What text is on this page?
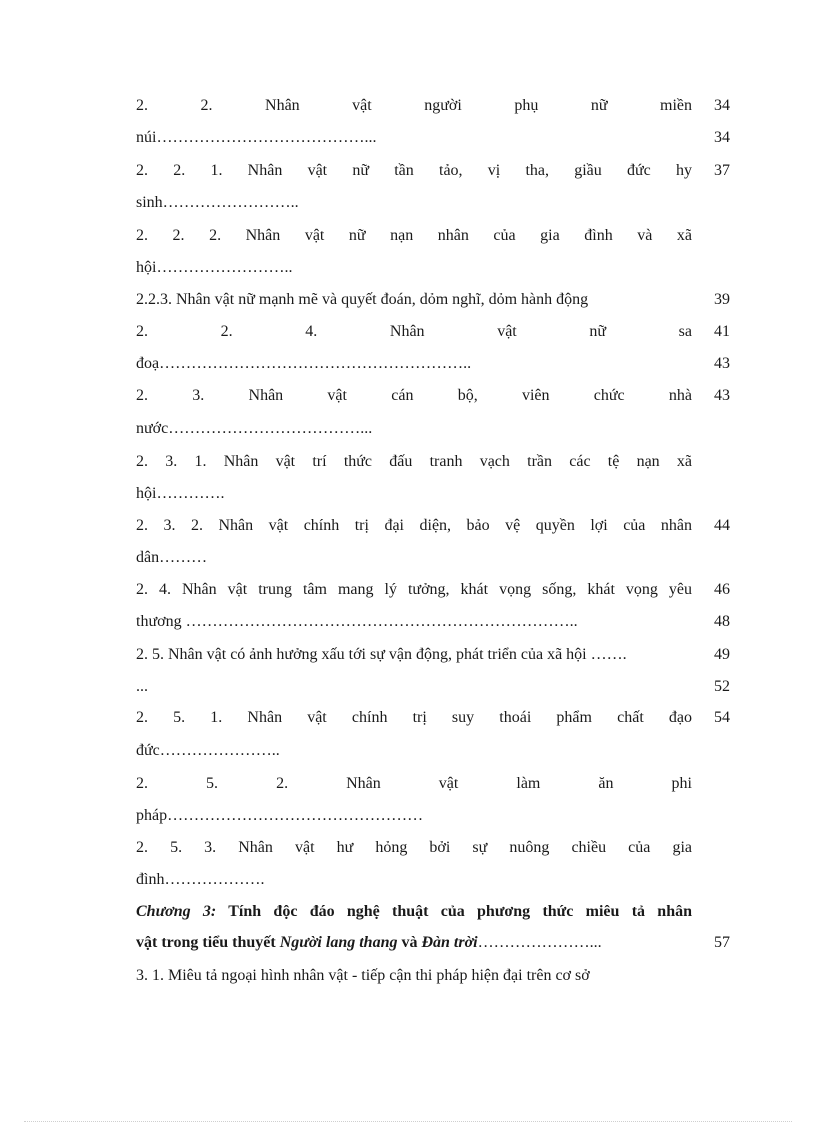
2. 2. Nhân vật người phụ nữ miền
núi…………………………………...
2. 2. 1. Nhân vật nữ tần tảo, vị tha, giầu đức hy
sinh……………………..
2. 2. 2. Nhân vật nữ nạn nhân của gia đình và xã
hội……………………..
2.2.3. Nhân vật nữ mạnh mẽ và quyết đoán, dỏm nghĩ, dỏm hành động
2. 2. 4. Nhân vật nữ sa
đoạ…………………………………………………..
2. 3. Nhân vật cán bộ, viên chức nhà
nước………………………………...
2. 3. 1. Nhân vật trí thức đấu tranh vạch trần các tệ nạn xã
hội………….
2. 3. 2. Nhân vật chính trị đại diện, bảo vệ quyền lợi của nhân
dân………
2. 4. Nhân vật trung tâm mang lý tưởng, khát vọng sống, khát vọng yêu
thương ………………………………………………………………..
2. 5. Nhân vật có ảnh hưởng xấu tới sự vận động, phát triển của xã hội …….
...
2. 5. 1. Nhân vật chính trị suy thoái phẩm chất đạo
đức…………………..
2. 5. 2. Nhân vật làm ăn phi
pháp…………………………………………
2. 5. 3. Nhân vật hư hỏng bởi sự nuông chiều của gia
đình……………….
Chương 3: Tính độc đáo nghệ thuật của phương thức miêu tả nhân
vật trong tiểu thuyết Người lang thang và Đàn trời…………………...
3. 1. Miêu tả ngoại hình nhân vật - tiếp cận thi pháp hiện đại trên cơ sở
34
34
37
39
41
43
43
44
46
48
49
52
54
57
